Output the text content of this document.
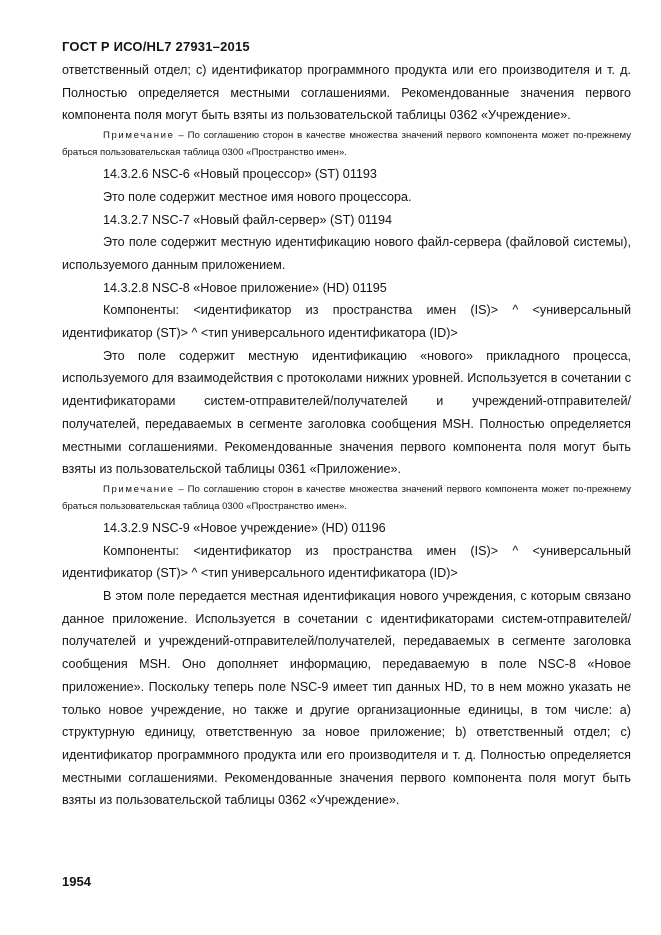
ГОСТ Р ИСО/HL7 27931–2015

ответственный отдел; c) идентификатор программного продукта или его производителя и т. д. Полностью определяется местными соглашениями. Рекомендованные значения первого компонента поля могут быть взяты из пользовательской таблицы 0362 «Учреждение».

Примечание – По соглашению сторон в качестве множества значений первого компонента может по-прежнему браться пользовательская таблица 0300 «Пространство имен».

14.3.2.6 NSC-6 «Новый процессор» (ST) 01193

Это поле содержит местное имя нового процессора.

14.3.2.7 NSC-7 «Новый файл-сервер» (ST) 01194

Это поле содержит местную идентификацию нового файл-сервера (файловой системы), используемого данным приложением.

14.3.2.8 NSC-8 «Новое приложение» (HD) 01195

Компоненты: <идентификатор из пространства имен (IS)> ^ <универсальный идентификатор (ST)> ^ <тип универсального идентификатора (ID)>

Это поле содержит местную идентификацию «нового» прикладного процесса, используемого для взаимодействия с протоколами нижних уровней. Используется в сочетании с идентификаторами систем-отправителей/получателей и учреждений-отправителей/получателей, передаваемых в сегменте заголовка сообщения MSH. Полностью определяется местными соглашениями. Рекомендованные значения первого компонента поля могут быть взяты из пользовательской таблицы 0361 «Приложение».

Примечание – По соглашению сторон в качестве множества значений первого компонента может по-прежнему браться пользовательская таблица 0300 «Пространство имен».

14.3.2.9 NSC-9 «Новое учреждение» (HD) 01196

Компоненты: <идентификатор из пространства имен (IS)> ^ <универсальный идентификатор (ST)> ^ <тип универсального идентификатора (ID)>

В этом поле передается местная идентификация нового учреждения, с которым связано данное приложение. Используется в сочетании с идентификаторами систем-отправителей/получателей и учреждений-отправителей/получателей, передаваемых в сегменте заголовка сообщения MSH. Оно дополняет информацию, передаваемую в поле NSC-8 «Новое приложение». Поскольку теперь поле NSC-9 имеет тип данных HD, то в нем можно указать не только новое учреждение, но также и другие организационные единицы, в том числе: a) структурную единицу, ответственную за новое приложение; b) ответственный отдел; c) идентификатор программного продукта или его производителя и т. д. Полностью определяется местными соглашениями. Рекомендованные значения первого компонента поля могут быть взяты из пользовательской таблицы 0362 «Учреждение».

1954
